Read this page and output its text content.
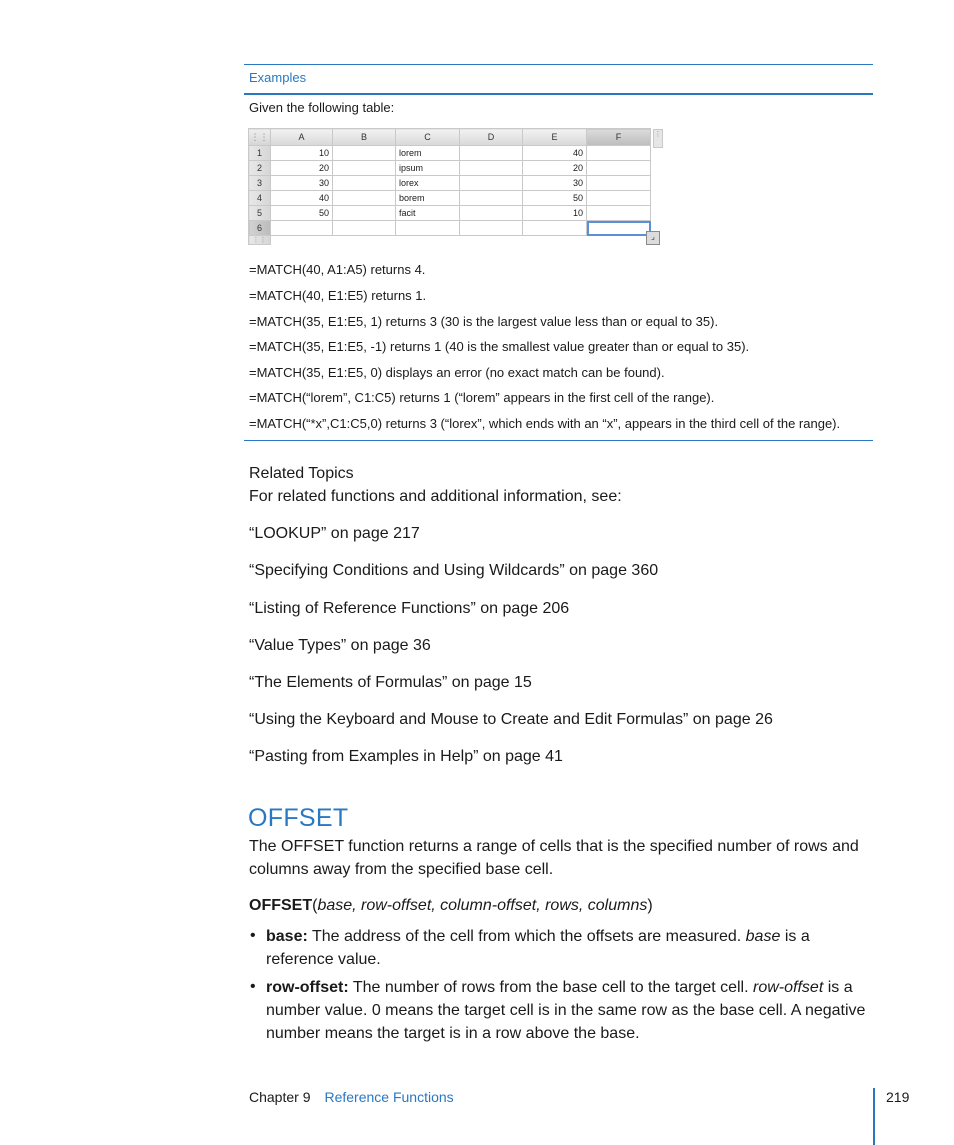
Examples
Given the following table:
⋮⋮	A	B	C	D	E	F
1	10		lorem		40	
2	20		ipsum		20	
3	30		lorex		30	
4	40		borem		50	
5	50		facit		10	
6						
⋮⋮						
⋮
⌟
=MATCH(40, A1:A5) returns 4.
=MATCH(40, E1:E5) returns 1.
=MATCH(35, E1:E5, 1) returns 3 (30 is the largest value less than or equal to 35).
=MATCH(35, E1:E5, -1) returns 1 (40 is the smallest value greater than or equal to 35).
=MATCH(35, E1:E5, 0) displays an error (no exact match can be found).
=MATCH(“lorem”, C1:C5) returns 1 (“lorem” appears in the first cell of the range).
=MATCH(“*x”,C1:C5,0) returns 3 (“lorex”, which ends with an “x”, appears in the third cell of the range).
Related Topics
For related functions and additional information, see:
“LOOKUP” on page 217
“Specifying Conditions and Using Wildcards” on page 360
“Listing of Reference Functions” on page 206
“Value Types” on page 36
“The Elements of Formulas” on page 15
“Using the Keyboard and Mouse to Create and Edit Formulas” on page 26
“Pasting from Examples in Help” on page 41
OFFSET
The OFFSET function returns a range of cells that is the specified number of rows and columns away from the specified base cell.
OFFSET(base, row-offset, column-offset, rows, columns)
• base: The address of the cell from which the offsets are measured. base is a reference value.
• row-offset: The number of rows from the base cell to the target cell. row-offset is a number value. 0 means the target cell is in the same row as the base cell. A negative number means the target is in a row above the base.
Chapter 9 Reference Functions	219
